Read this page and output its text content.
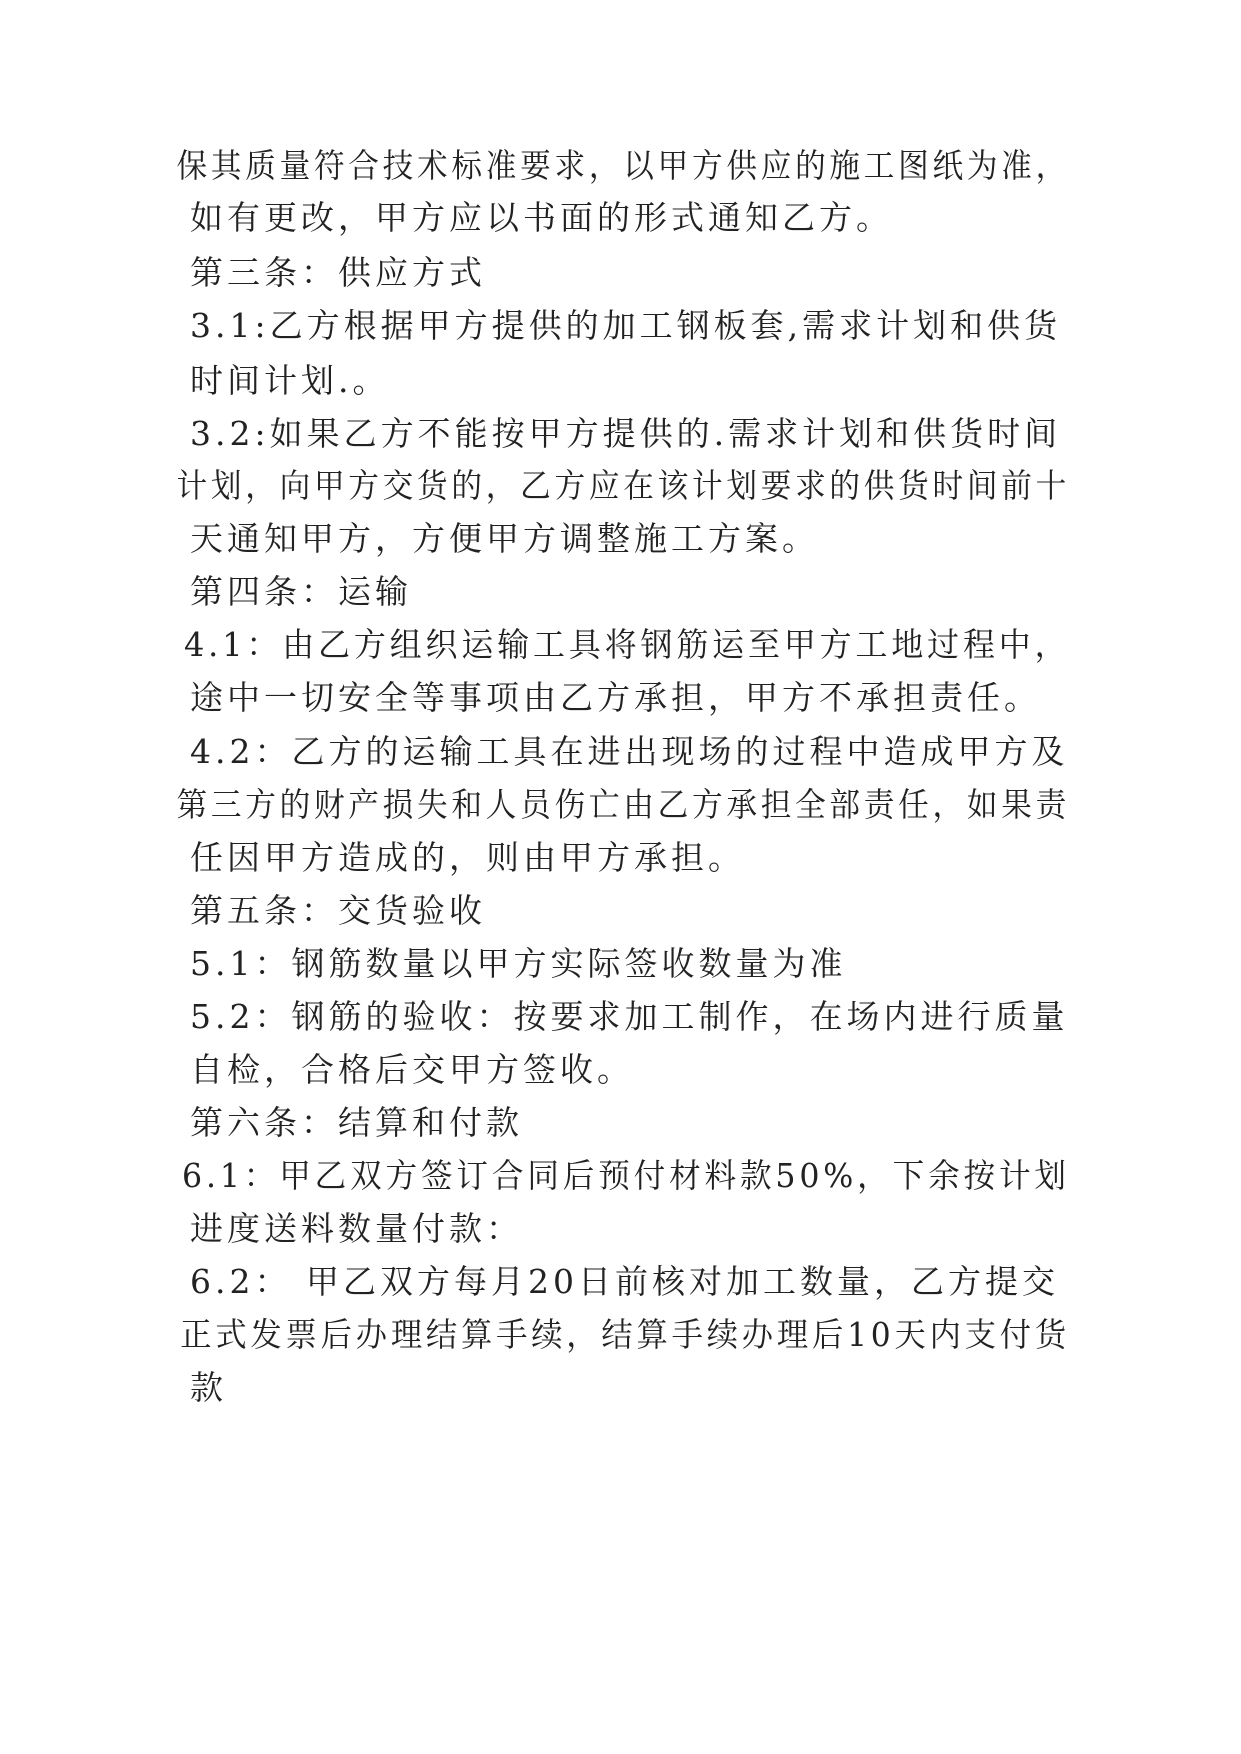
保其质量符合技术标准要求，以甲方供应的施工图纸为准，
如有更改，甲方应以书面的形式通知乙方。
第三条：供应方式
3.1:乙方根据甲方提供的加工钢板套,需求计划和供货
时间计划.。
3.2:如果乙方不能按甲方提供的.需求计划和供货时间
计划，向甲方交货的，乙方应在该计划要求的供货时间前十
天通知甲方，方便甲方调整施工方案。
第四条：运输
4.1：由乙方组织运输工具将钢筋运至甲方工地过程中，
途中一切安全等事项由乙方承担，甲方不承担责任。
4.2：乙方的运输工具在进出现场的过程中造成甲方及
第三方的财产损失和人员伤亡由乙方承担全部责任，如果责
任因甲方造成的，则由甲方承担。
第五条：交货验收
5.1：钢筋数量以甲方实际签收数量为准
5.2：钢筋的验收：按要求加工制作，在场内进行质量
自检，合格后交甲方签收。
第六条：结算和付款
6.1：甲乙双方签订合同后预付材料款50%，下余按计划
进度送料数量付款：
6.2： 甲乙双方每月20日前核对加工数量，乙方提交
正式发票后办理结算手续，结算手续办理后10天内支付货
款
